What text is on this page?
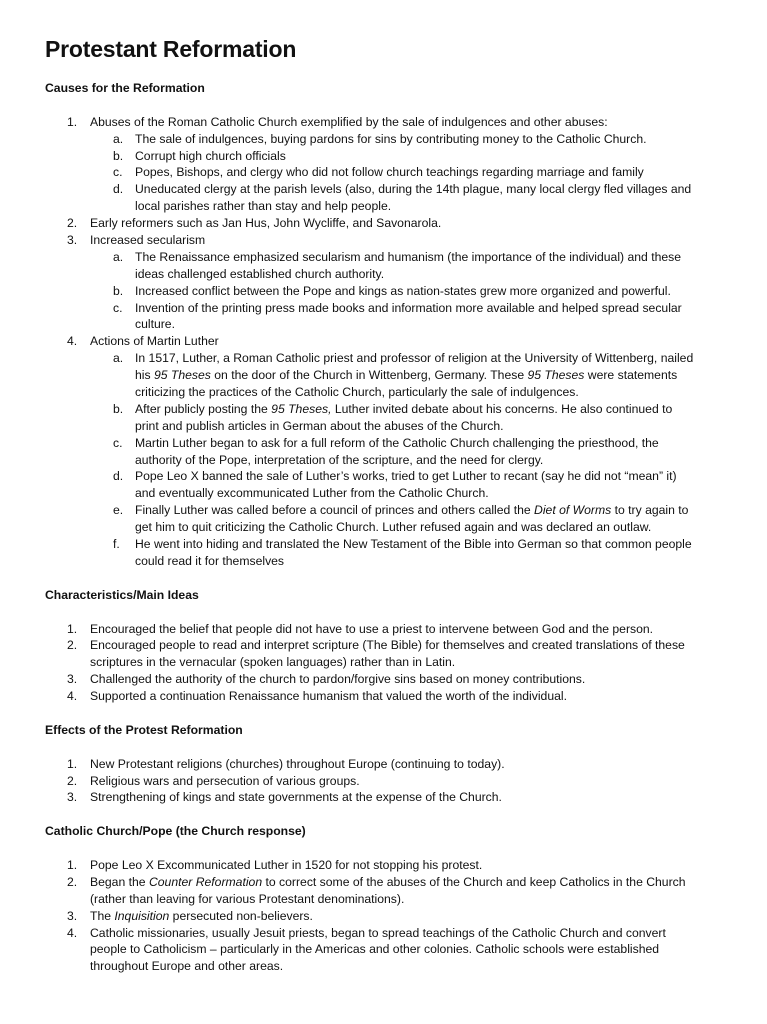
Protestant Reformation
Causes for the Reformation
1. Abuses of the Roman Catholic Church exemplified by the sale of indulgences and other abuses:
a. The sale of indulgences, buying pardons for sins by contributing money to the Catholic Church.
b. Corrupt high church officials
c. Popes, Bishops, and clergy who did not follow church teachings regarding marriage and family
d. Uneducated clergy at the parish levels (also, during the 14th plague, many local clergy fled villages and
local parishes rather than stay and help people.
2. Early reformers such as Jan Hus, John Wycliffe, and Savonarola.
3. Increased secularism
a. The Renaissance emphasized secularism and humanism (the importance of the individual) and these
ideas challenged established church authority.
b. Increased conflict between the Pope and kings as nation-states grew more organized and powerful.
c. Invention of the printing press made books and information more available and helped spread secular
culture.
4. Actions of Martin Luther
a. In 1517, Luther, a Roman Catholic priest and professor of religion at the University of Wittenberg, nailed
his 95 Theses on the door of the Church in Wittenberg, Germany. These 95 Theses were statements
criticizing the practices of the Catholic Church, particularly the sale of indulgences.
b. After publicly posting the 95 Theses, Luther invited debate about his concerns. He also continued to
print and publish articles in German about the abuses of the Church.
c. Martin Luther began to ask for a full reform of the Catholic Church challenging the priesthood, the
authority of the Pope, interpretation of the scripture, and the need for clergy.
d. Pope Leo X banned the sale of Luther’s works, tried to get Luther to recant (say he did not “mean” it)
and eventually excommunicated Luther from the Catholic Church.
e. Finally Luther was called before a council of princes and others called the Diet of Worms to try again to
get him to quit criticizing the Catholic Church. Luther refused again and was declared an outlaw.
f. He went into hiding and translated the New Testament of the Bible into German so that common people
could read it for themselves
Characteristics/Main Ideas
1. Encouraged the belief that people did not have to use a priest to intervene between God and the person.
2. Encouraged people to read and interpret scripture (The Bible) for themselves and created translations of these
scriptures in the vernacular (spoken languages) rather than in Latin.
3. Challenged the authority of the church to pardon/forgive sins based on money contributions.
4. Supported a continuation Renaissance humanism that valued the worth of the individual.
Effects of the Protest Reformation
1. New Protestant religions (churches) throughout Europe (continuing to today).
2. Religious wars and persecution of various groups.
3. Strengthening of kings and state governments at the expense of the Church.
Catholic Church/Pope (the Church response)
1. Pope Leo X Excommunicated Luther in 1520 for not stopping his protest.
2. Began the Counter Reformation to correct some of the abuses of the Church and keep Catholics in the Church
(rather than leaving for various Protestant denominations).
3. The Inquisition persecuted non-believers.
4. Catholic missionaries, usually Jesuit priests, began to spread teachings of the Catholic Church and convert
people to Catholicism – particularly in the Americas and other colonies. Catholic schools were established
throughout Europe and other areas.
